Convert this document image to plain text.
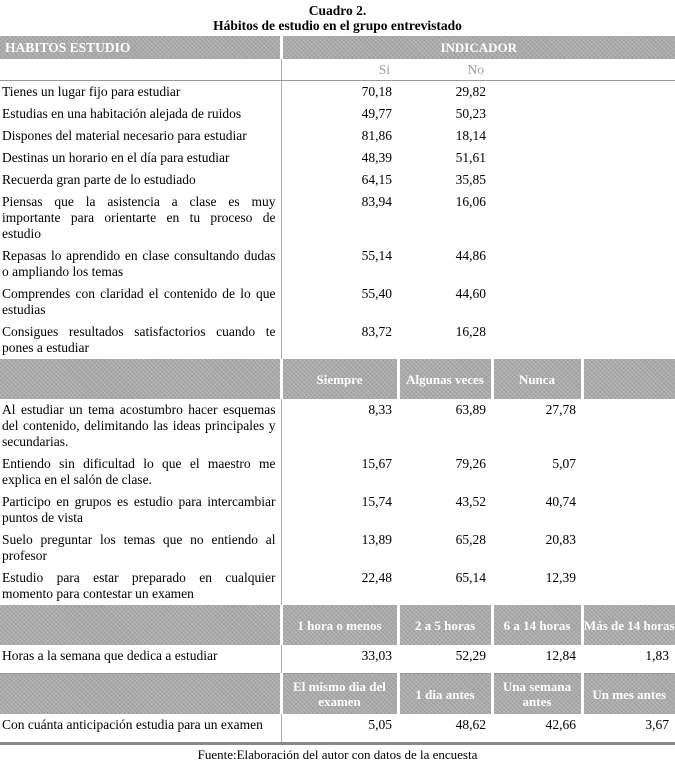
Cuadro 2.
Hábitos de estudio en el grupo entrevistado
HABITOS ESTUDIO	INDICADOR			
	Si	No		
Tienes un lugar fijo para estudiar	70,18	29,82		
Estudias en una habitación alejada de ruidos	49,77	50,23		
Dispones del material necesario para estudiar	81,86	18,14		
Destinas un horario en el día para estudiar	48,39	51,61		
Recuerda gran parte de lo estudiado	64,15	35,85		
Piensas que la asistencia a clase es muy importante para orientarte en tu proceso de estudio	83,94	16,06		
Repasas lo aprendido en clase consultando dudas o ampliando los temas	55,14	44,86		
Comprendes con claridad el contenido de lo que estudias	55,40	44,60		
Consigues resultados satisfactorios cuando te pones a estudiar	83,72	16,28		
	Siempre	Algunas veces	Nunca	
Al estudiar un tema acostumbro hacer esquemas del contenido, delimitando las ideas principales y secundarias.	8,33	63,89	27,78	
Entiendo sin dificultad lo que el maestro me explica en el salón de clase.	15,67	79,26	5,07	
Participo en grupos es estudio para intercambiar puntos de vista	15,74	43,52	40,74	
Suelo preguntar los temas que no entiendo al profesor	13,89	65,28	20,83	
Estudio para estar preparado en cualquier momento para contestar un examen	22,48	65,14	12,39	
	1 hora o menos	2 a 5 horas	6 a 14 horas	Más de 14 horas
Horas a la semana que dedica a estudiar	33,03	52,29	12,84	1,83
	El mismo dia del examen	1 dia antes	Una semana antes	Un mes antes
Con cuánta anticipación estudia para un examen	5,05	48,62	42,66	3,67
Fuente:Elaboración del autor con datos de la encuesta
